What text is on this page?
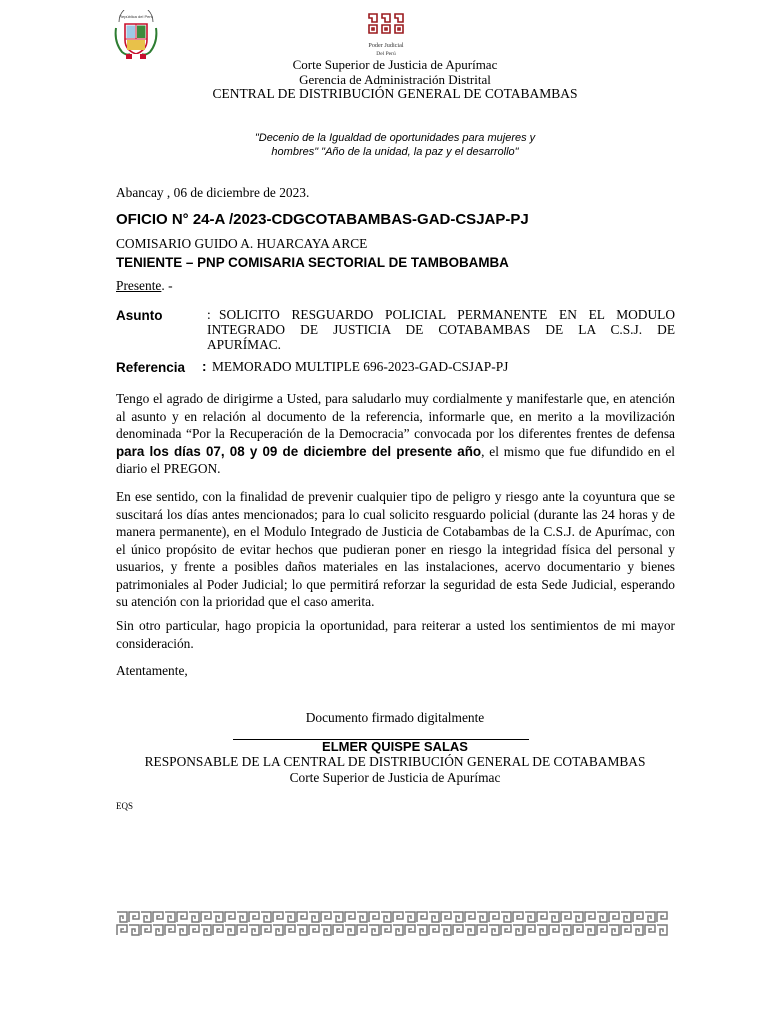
República del Perú
Poder Judicial
Del Perú
Corte Superior de Justicia de Apurímac
Gerencia de Administración Distrital
CENTRAL DE DISTRIBUCIÓN GENERAL DE COTABAMBAS
"Decenio de la Igualdad de oportunidades para mujeres y
hombres" "Año de la unidad, la paz y el desarrollo"
Abancay , 06 de diciembre de 2023.
OFICIO N° 24-A /2023-CDGCOTABAMBAS-GAD-CSJAP-PJ
COMISARIO GUIDO A. HUARCAYA ARCE
TENIENTE – PNP COMISARIA SECTORIAL DE TAMBOBAMBA
Presente. -
Asunto	: SOLICITO RESGUARDO POLICIAL PERMANENTE EN EL MODULO
INTEGRADO DE JUSTICIA DE COTABAMBAS DE LA C.S.J. DE
APURÍMAC.
Referencia : MEMORADO MULTIPLE 696-2023-GAD-CSJAP-PJ
Tengo el agrado de dirigirme a Usted, para saludarlo muy cordialmente y manifestarle que, en atención al asunto y en relación al documento de la referencia, informarle que, en merito a la movilización denominada “Por la Recuperación de la Democracia” convocada por los diferentes frentes de defensa para los días 07, 08 y 09 de diciembre del presente año, el mismo que fue difundido en el diario el PREGON.
En ese sentido, con la finalidad de prevenir cualquier tipo de peligro y riesgo ante la coyuntura que se suscitará los días antes mencionados; para lo cual solicito resguardo policial (durante las 24 horas y de manera permanente), en el Modulo Integrado de Justicia de Cotabambas de la C.S.J. de Apurímac, con el único propósito de evitar hechos que pudieran poner en riesgo la integridad física del personal y usuarios, y frente a posibles daños materiales en las instalaciones, acervo documentario y bienes patrimoniales al Poder Judicial; lo que permitirá reforzar la seguridad de esta Sede Judicial, esperando su atención con la prioridad que el caso amerita.
Sin otro particular, hago propicia la oportunidad, para reiterar a usted los sentimientos de mi mayor consideración.
Atentamente,
Documento firmado digitalmente
ELMER QUISPE SALAS
RESPONSABLE DE LA CENTRAL DE DISTRIBUCIÓN GENERAL DE COTABAMBAS
Corte Superior de Justicia de Apurímac
EQS
